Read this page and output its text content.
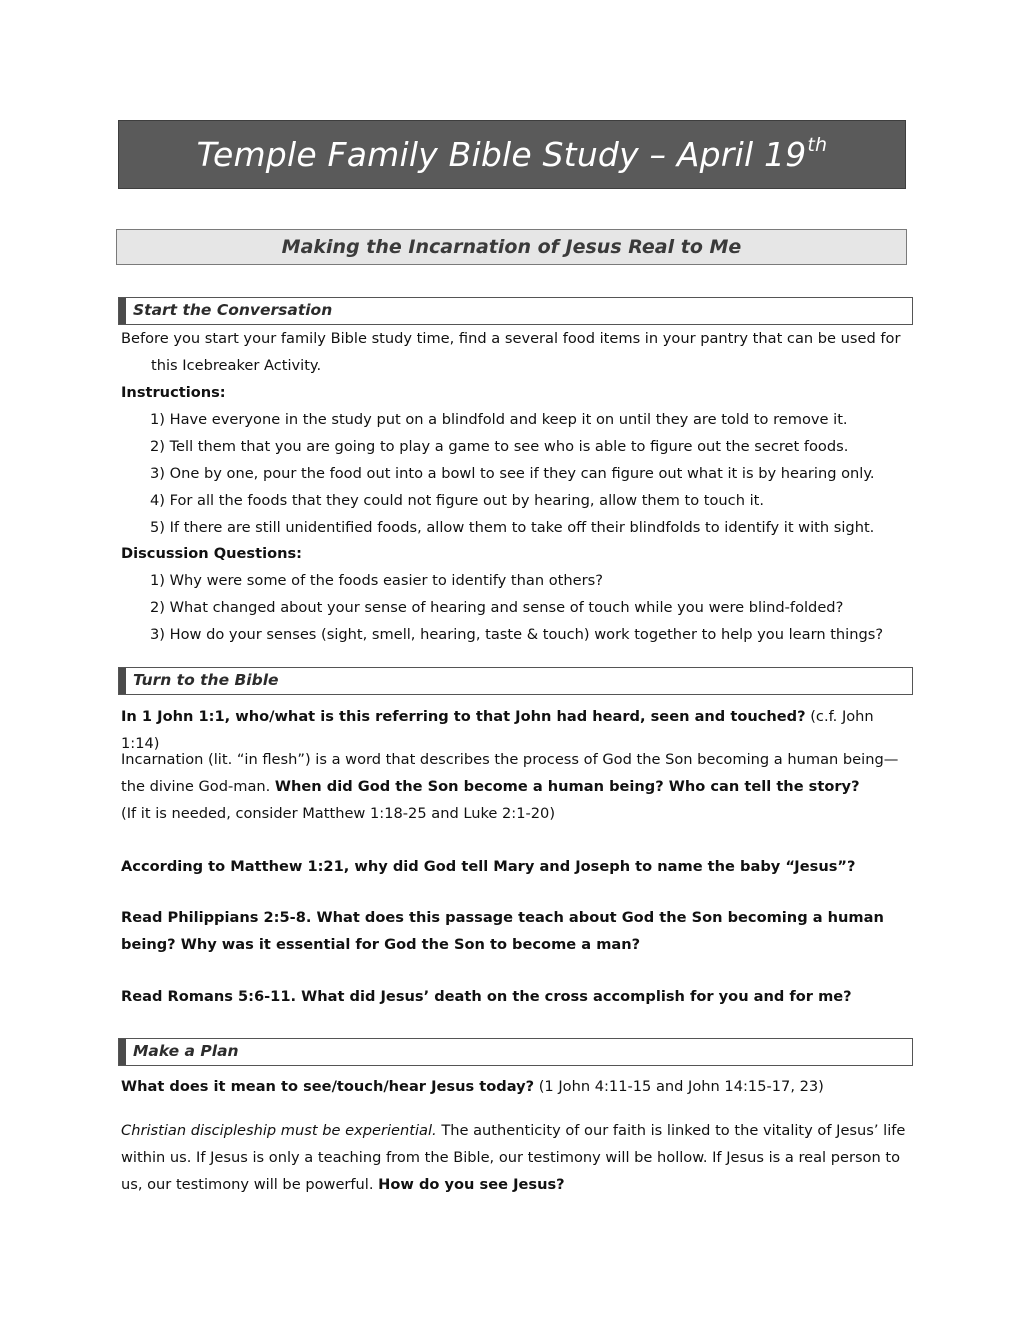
Temple Family Bible Study – April 19th
Making the Incarnation of Jesus Real to Me
Start the Conversation

Before you start your family Bible study time, find a several food items in your pantry that can be used for this Icebreaker Activity.

Instructions:

1) Have everyone in the study put on a blindfold and keep it on until they are told to remove it.

2) Tell them that you are going to play a game to see who is able to figure out the secret foods.

3) One by one, pour the food out into a bowl to see if they can figure out what it is by hearing only.

4) For all the foods that they could not figure out by hearing, allow them to touch it.

5) If there are still unidentified foods, allow them to take off their blindfolds to identify it with sight.

Discussion Questions:

1) Why were some of the foods easier to identify than others?

2) What changed about your sense of hearing and sense of touch while you were blind-folded?

3) How do your senses (sight, smell, hearing, taste & touch) work together to help you learn things?

Turn to the Bible

In 1 John 1:1, who/what is this referring to that John had heard, seen and touched? (c.f. John 1:14)

Incarnation (lit. “in flesh”) is a word that describes the process of God the Son becoming a human being—the divine God-man. When did God the Son become a human being? Who can tell the story?
(If it is needed, consider Matthew 1:18-25 and Luke 2:1-20)

According to Matthew 1:21, why did God tell Mary and Joseph to name the baby “Jesus”?

Read Philippians 2:5-8. What does this passage teach about God the Son becoming a human being? Why was it essential for God the Son to become a man?

Read Romans 5:6-11. What did Jesus’ death on the cross accomplish for you and for me?

Make a Plan

What does it mean to see/touch/hear Jesus today? (1 John 4:11-15 and John 14:15-17, 23)

Christian discipleship must be experiential. The authenticity of our faith is linked to the vitality of Jesus’ life within us. If Jesus is only a teaching from the Bible, our testimony will be hollow. If Jesus is a real person to us, our testimony will be powerful. How do you see Jesus?
